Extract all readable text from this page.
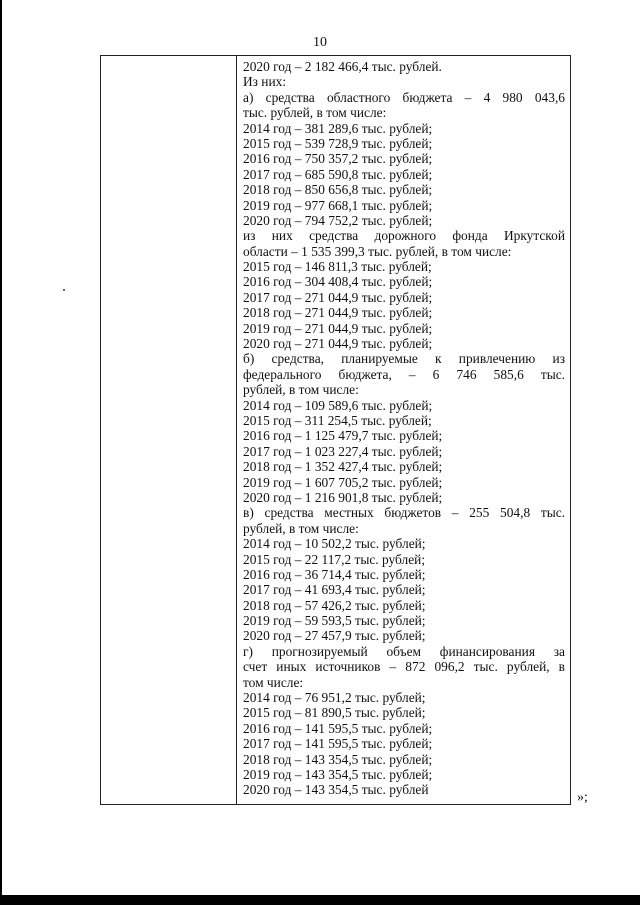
10
2020 год – 2 182 466,4 тыс. рублей.
Из них:
а) средства областного бюджета – 4 980 043,6
тыс. рублей, в том числе:
2014 год – 381 289,6 тыс. рублей;
2015 год – 539 728,9 тыс. рублей;
2016 год – 750 357,2 тыс. рублей;
2017 год – 685 590,8 тыс. рублей;
2018 год – 850 656,8 тыс. рублей;
2019 год – 977 668,1 тыс. рублей;
2020 год – 794 752,2 тыс. рублей;
из них средства дорожного фонда Иркутской
области – 1 535 399,3 тыс. рублей, в том числе:
2015 год – 146 811,3 тыс. рублей;
2016 год – 304 408,4 тыс. рублей;
2017 год – 271 044,9 тыс. рублей;
2018 год – 271 044,9 тыс. рублей;
2019 год – 271 044,9 тыс. рублей;
2020 год – 271 044,9 тыс. рублей;
б) средства, планируемые к привлечению из
федерального бюджета, – 6 746 585,6 тыс.
рублей, в том числе:
2014 год – 109 589,6 тыс. рублей;
2015 год – 311 254,5 тыс. рублей;
2016 год – 1 125 479,7 тыс. рублей;
2017 год – 1 023 227,4 тыс. рублей;
2018 год – 1 352 427,4 тыс. рублей;
2019 год – 1 607 705,2 тыс. рублей;
2020 год – 1 216 901,8 тыс. рублей;
в) средства местных бюджетов – 255 504,8 тыс.
рублей, в том числе:
2014 год – 10 502,2 тыс. рублей;
2015 год – 22 117,2 тыс. рублей;
2016 год – 36 714,4 тыс. рублей;
2017 год – 41 693,4 тыс. рублей;
2018 год – 57 426,2 тыс. рублей;
2019 год – 59 593,5 тыс. рублей;
2020 год – 27 457,9 тыс. рублей;
г) прогнозируемый объем финансирования за
счет иных источников – 872 096,2 тыс. рублей, в
том числе:
2014 год – 76 951,2 тыс. рублей;
2015 год – 81 890,5 тыс. рублей;
2016 год – 141 595,5 тыс. рублей;
2017 год – 141 595,5 тыс. рублей;
2018 год – 143 354,5 тыс. рублей;
2019 год – 143 354,5 тыс. рублей;
2020 год – 143 354,5 тыс. рублей
»;
